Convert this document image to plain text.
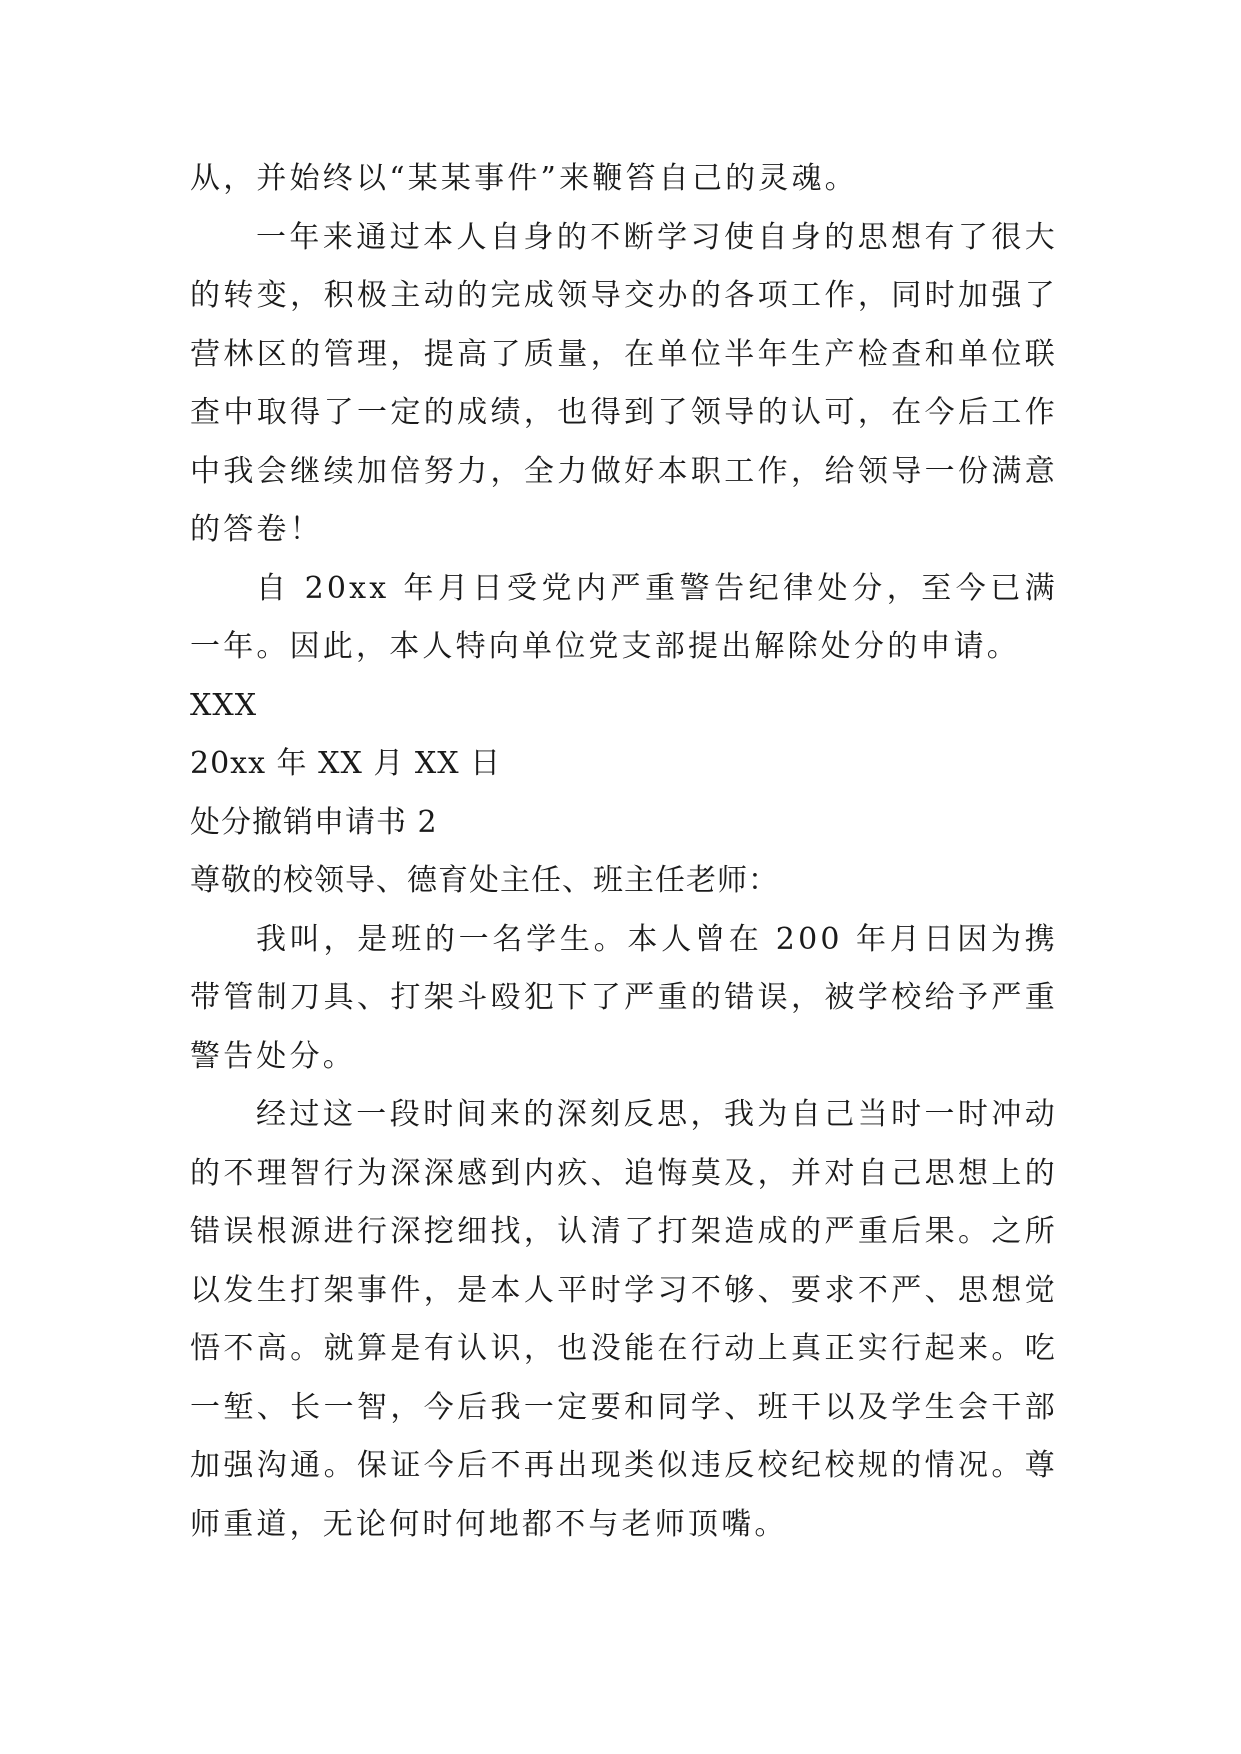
从，并始终以“某某事件”来鞭笞自己的灵魂。

一年来通过本人自身的不断学习使自身的思想有了很大的转变，积极主动的完成领导交办的各项工作，同时加强了营林区的管理，提高了质量，在单位半年生产检查和单位联查中取得了一定的成绩，也得到了领导的认可，在今后工作中我会继续加倍努力，全力做好本职工作，给领导一份满意的答卷！

自 20xx 年月日受党内严重警告纪律处分，至今已满一年。因此，本人特向单位党支部提出解除处分的申请。

XXX

20xx 年 XX 月 XX 日

处分撤销申请书 2

尊敬的校领导、德育处主任、班主任老师：

我叫，是班的一名学生。本人曾在 200 年月日因为携带管制刀具、打架斗殴犯下了严重的错误，被学校给予严重警告处分。

经过这一段时间来的深刻反思，我为自己当时一时冲动的不理智行为深深感到内疚、追悔莫及，并对自己思想上的错误根源进行深挖细找，认清了打架造成的严重后果。之所以发生打架事件，是本人平时学习不够、要求不严、思想觉悟不高。就算是有认识，也没能在行动上真正实行起来。吃一堑、长一智，今后我一定要和同学、班干以及学生会干部加强沟通。保证今后不再出现类似违反校纪校规的情况。尊师重道，无论何时何地都不与老师顶嘴。
